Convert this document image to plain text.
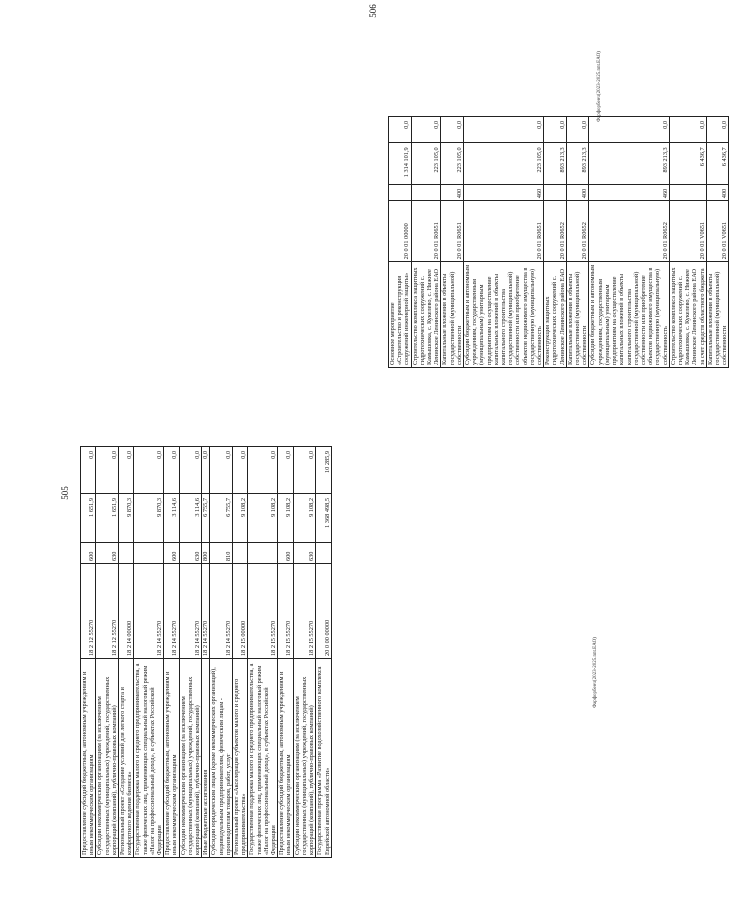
505
506
Предоставление субсидий бюджетным, автономным учреждениям и иным некоммерческим организациям	18 2 12 55270	600	1 651,9	0,0
Субсидии некоммерческим организациям (за исключением государственных (муниципальных) учреждений, государственных корпораций (компаний), публично-правовых компаний)	18 2 12 55270	630	1 651,9	0,0
Региональный проект «Создание условий для легкого старта и комфортного ведения бизнеса»	18 2 I4 00000		9 870,3	0,0
Государственная поддержка малого и среднего предпринимательства, а также физических лиц, применяющих специальный налоговый режим «Налог на профессиональный доход», в субъектах Российской Федерации	18 2 I4 55270		9 870,3	0,0
Предоставление субсидий бюджетным, автономным учреждениям и иным некоммерческим организациям	18 2 I4 55270	600	3 114,6	0,0
Субсидии некоммерческим организациям (за исключением государственных (муниципальных) учреждений, государственных корпораций (компаний), публично-правовых компаний)	18 2 I4 55270	630	3 114,6	0,0
Иные бюджетные ассигнования	18 2 I4 55270	800	6 755,7	0,0
Субсидии юридическим лицам (кроме некоммерческих организаций), индивидуальным предпринимателям, физическим лицам - производителям товаров, работ, услуг	18 2 I4 55270	810	6 755,7	0,0
Региональный проект «Акселерация субъектов малого и среднего предпринимательства»	18 2 I5 00000		9 108,2	0,0
Государственная поддержка малого и среднего предпринимательства, а также физических лиц, применяющих специальный налоговый режим «Налог на профессиональный доход», в субъектах Российской Федерации	18 2 I5 55270		9 108,2	0,0
Предоставление субсидий бюджетным, автономным учреждениям и иным некоммерческим организациям	18 2 I5 55270	600	9 108,2	0,0
Субсидии некоммерческим организациям (за исключением государственных (муниципальных) учреждений, государственных корпораций (компаний), публично-правовых компаний)	18 2 I5 55270	630	9 108,2	0,0
Государственная программа «Развитие водохозяйственного комплекса Еврейской автономной области»	20 0 00 00000		1 368 498,5	10 285,9
Основное мероприятие «Строительство и реконструкция сооружений инженерной защиты»	20 0 01 00000		1 314 101,9	0,0
Строительство комплекса защитных гидротехнических сооружений с. Камышовка, с. Кукелево, с. Нижнее Ленинское Ленинского района ЕАО	20 0 01 R0651		223 105,0	0,0
Капитальные вложения в объекты государственной (муниципальной) собственности	20 0 01 R0651	400	223 105,0	0,0
Субсидии бюджетным и автономным учреждениям, государственным (муниципальным) унитарным предприятиям на осуществление капитальных вложений в объекты капитального строительства государственной (муниципальной) собственности или приобретение объектов недвижимого имущества в государственную (муниципальную) собственность	20 0 01 R0651	460	223 105,0	0,0
Реконструкция защитных гидротехнических сооружений с. Ленинское Ленинского района ЕАО	20 0 01 R0652		893 213,3	0,0
Капитальные вложения в объекты государственной (муниципальной) собственности	20 0 01 R0652	400	893 213,3	0,0
Субсидии бюджетным и автономным учреждениям, государственным (муниципальным) унитарным предприятиям на осуществление капитальных вложений в объекты капитального строительства государственной (муниципальной) собственности или приобретение объектов недвижимого имущества в государственную (муниципальную) собственность	20 0 01 R0652	460	893 213,3	0,0
Строительство комплекса защитных гидротехнических сооружений с. Камышовка, с. Кукелево, с. Нижнее Ленинское Ленинского района ЕАО за счет средств областного бюджета	20 0 01 V0651		6 436,7	0,0
Капитальные вложения в объекты государственной (муниципальной) собственности	20 0 01 V0651	400	6 436,7	0,0
Фарфорбенч(2023-2025.nnt.ЕАО)
Фарфорбенч(2023-2025.nnt.ЕАО)
